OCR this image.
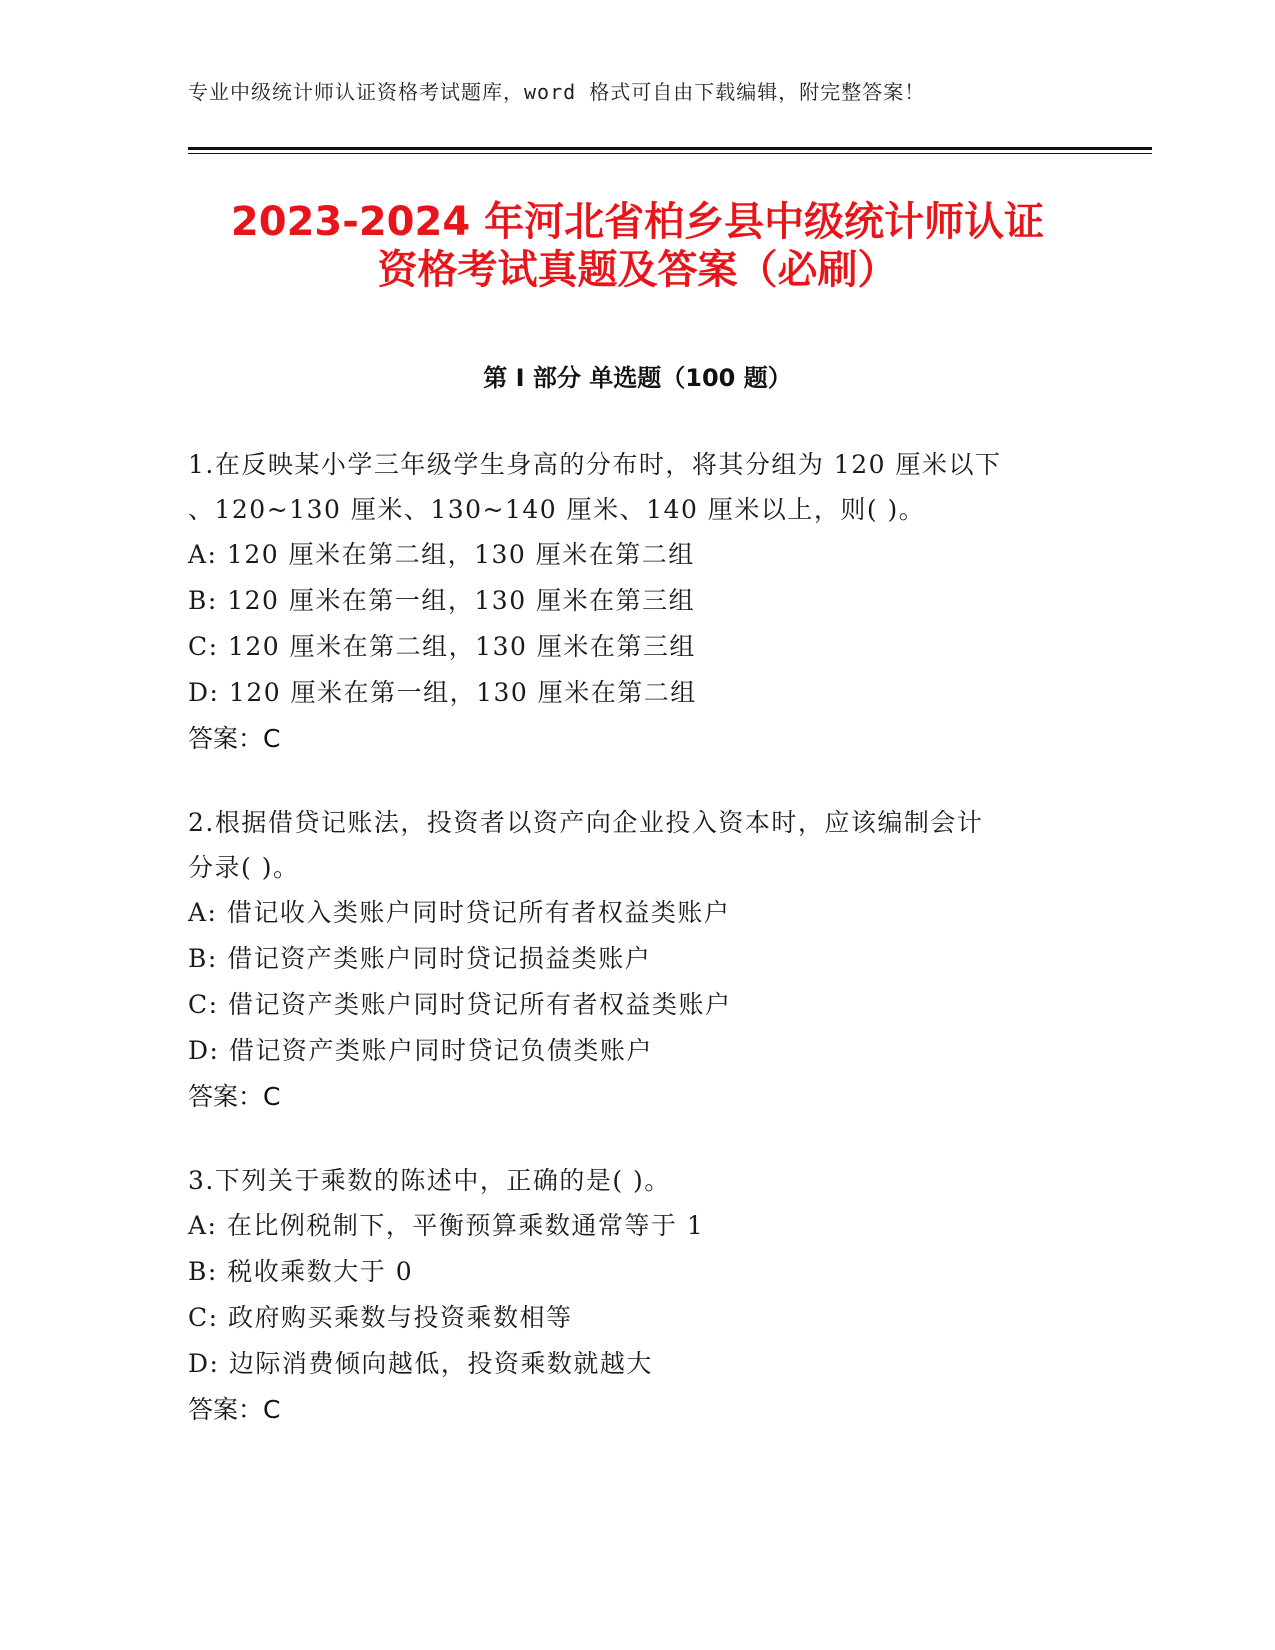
专业中级统计师认证资格考试题库，word 格式可自由下载编辑，附完整答案！
2023-2024 年河北省柏乡县中级统计师认证
资格考试真题及答案（必刷）
第 I 部分 单选题（100 题）

1.在反映某小学三年级学生身高的分布时，将其分组为 120 厘米以下

、120~130 厘米、130~140 厘米、140 厘米以上，则( )。

A: 120 厘米在第二组，130 厘米在第二组

B: 120 厘米在第一组，130 厘米在第三组

C: 120 厘米在第二组，130 厘米在第三组

D: 120 厘米在第一组，130 厘米在第二组

答案：C

2.根据借贷记账法，投资者以资产向企业投入资本时，应该编制会计

分录( )。

A: 借记收入类账户同时贷记所有者权益类账户

B: 借记资产类账户同时贷记损益类账户

C: 借记资产类账户同时贷记所有者权益类账户

D: 借记资产类账户同时贷记负债类账户

答案：C

3.下列关于乘数的陈述中，正确的是( )。

A: 在比例税制下，平衡预算乘数通常等于 1

B: 税收乘数大于 0

C: 政府购买乘数与投资乘数相等

D: 边际消费倾向越低，投资乘数就越大

答案：C
